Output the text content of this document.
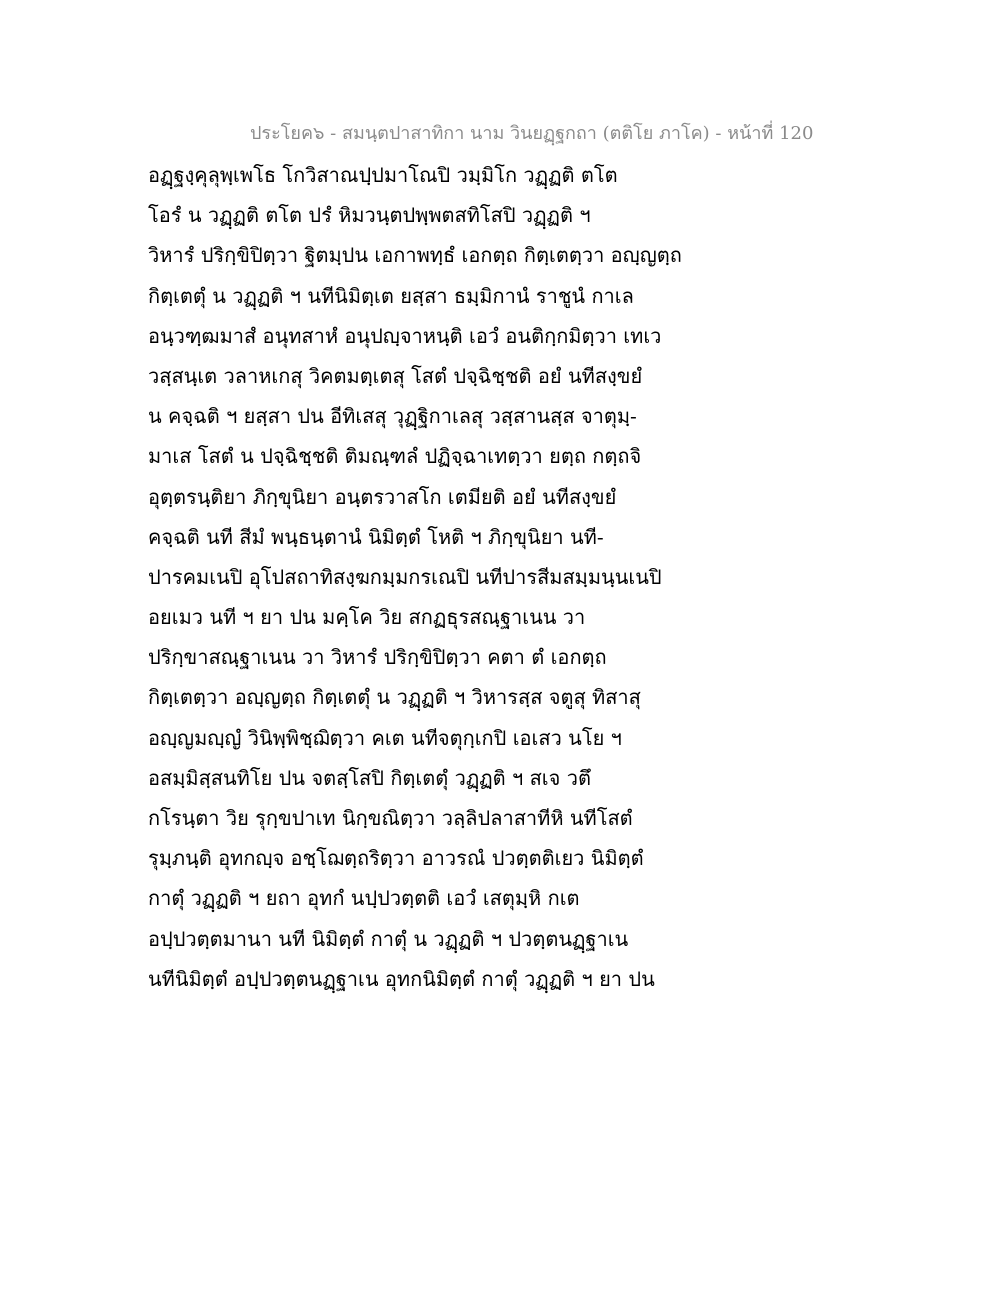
ประโยค๖ - สมนฺตปาสาทิกา นาม วินยฏฺฐกถา (ตติโย ภาโค) - หน้าที่ 120
อฏฺฐงฺคุลุพฺเพโธ โกวิสาณปฺปมาโณปิ วมฺมิโก วฏฺฏติ ตโต
โอรํ น วฏฺฏติ ตโต ปรํ หิมวนฺตปพฺพตสทิโสปิ วฏฺฏติ ฯ
วิหารํ ปริกฺขิปิตฺวา ฐิตมฺปน เอกาพทฺธํ เอกตฺถ กิตฺเตตฺวา อญฺญตฺถ
กิตฺเตตุํ น วฏฺฏติ ฯ นทีนิมิตฺเต ยสฺสา ธมฺมิกานํ ราชูนํ กาเล
อนฺวฑฺฒมาสํ อนุทสาหํ อนุปญฺจาหนฺติ เอวํ อนติกฺกมิตฺวา เทเว
วสฺสนฺเต วลาหเกสุ วิคตมตฺเตสุ โสตํ ปจฺฉิชฺชติ อยํ นทีสงฺขยํ
น คจฺฉติ ฯ ยสฺสา ปน อีทิเสสุ วุฏฺฐิกาเลสุ วสฺสานสฺส จาตุมฺ-
มาเส โสตํ น ปจฺฉิชฺชติ ติมณฺฑลํ ปฏิจฺฉาเทตฺวา ยตฺถ กตฺถจิ
อุตฺตรนฺติยา ภิกฺขุนิยา อนฺตรวาสโก เตมียติ อยํ นทีสงฺขยํ
คจฺฉติ นที สีมํ พนฺธนฺตานํ นิมิตฺตํ โหติ ฯ ภิกฺขุนิยา นที-
ปารคมเนปิ อุโปสถาทิสงฺฆกมฺมกรเณปิ นทีปารสีมสมฺมนฺนเนปิ
อยเมว นที ฯ ยา ปน มคฺโค วิย สกฏธุรสณฺฐาเนน วา
ปริกฺขาสณฺฐาเนน วา วิหารํ ปริกฺขิปิตฺวา คตา ตํ เอกตฺถ
กิตฺเตตฺวา อญฺญตฺถ กิตฺเตตุํ น วฏฺฏติ ฯ วิหารสฺส จตูสุ ทิสาสุ
อญฺญมญฺญํ วินิพฺพิชฺฌิตฺวา คเต นทีจตุกฺเกปิ เอเสว นโย ฯ
อสมฺมิสฺสนทิโย ปน จตสฺโสปิ กิตฺเตตุํ วฏฺฏติ ฯ สเจ วตึ
กโรนฺตา วิย รุกฺขปาเท นิกฺขณิตฺวา วลฺลิปลาสาทีหิ นทีโสตํ
รุมฺภนฺติ อุทกญฺจ อชฺโฌตฺถริตฺวา อาวรณํ ปวตฺตติเยว นิมิตฺตํ
กาตุํ วฏฺฏติ ฯ ยถา อุทกํ นปฺปวตฺตติ เอวํ เสตุมฺหิ กเต
อปฺปวตฺตมานา นที นิมิตฺตํ กาตุํ น วฏฺฏติ ฯ ปวตฺตนฏฺฐาเน
นทีนิมิตฺตํ อปฺปวตฺตนฏฺฐาเน อุทกนิมิตฺตํ กาตุํ วฏฺฏติ ฯ ยา ปน
